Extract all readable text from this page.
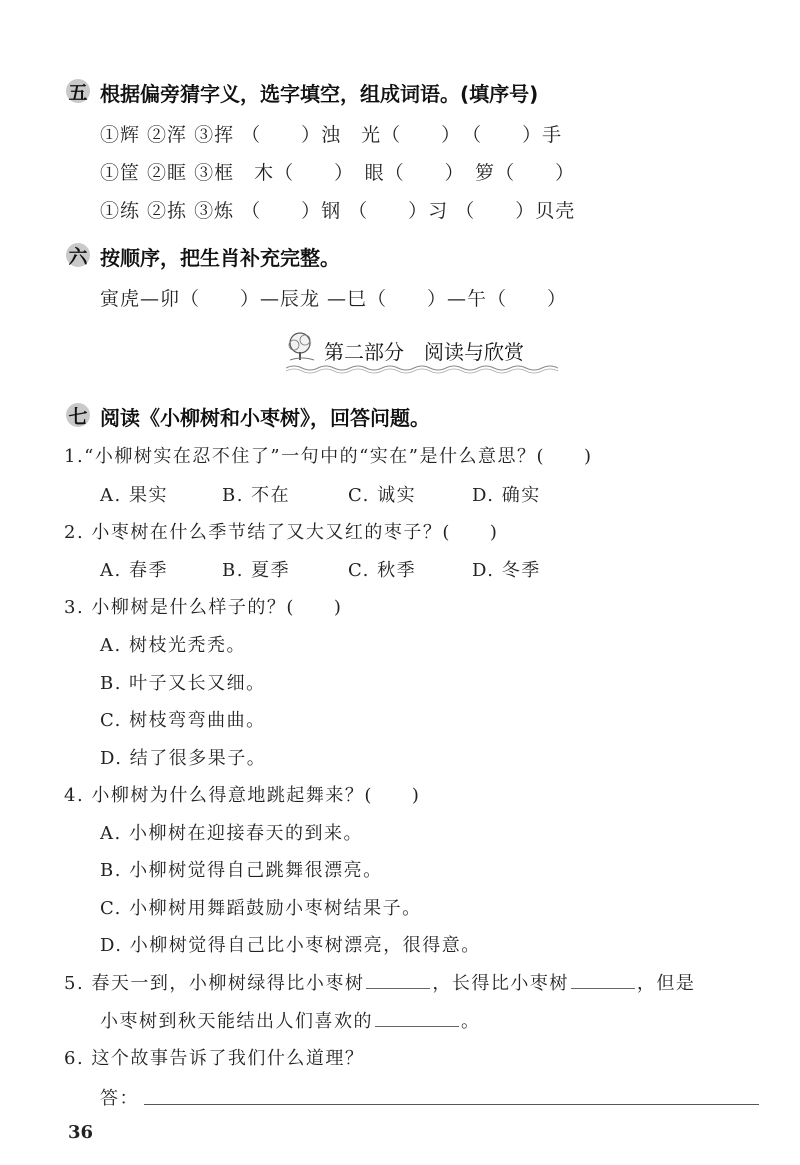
五 根据偏旁猜字义，选字填空，组成词语。(填序号)
①辉 ②浑 ③挥 （　　）浊　光（　　）　（　　）手
①筐 ②眶 ③框　木（　　）　眼（　　）　箩（　　）
①练 ②拣 ③炼 （　　）钢 （　　）习 （　　）贝壳
六 按顺序，把生肖补充完整。
寅虎—卯（　　）—辰龙 —巳（　　）—午（　　）
第二部分　阅读与欣赏
七 阅读《小柳树和小枣树》，回答问题。
1.“小柳树实在忍不住了”一句中的“实在”是什么意思？(　　)
A. 果实	B. 不在	C. 诚实	D. 确实
2. 小枣树在什么季节结了又大又红的枣子？(　　)
A. 春季	B. 夏季	C. 秋季	D. 冬季
3. 小柳树是什么样子的？(　　)
A. 树枝光秃秃。
B. 叶子又长又细。
C. 树枝弯弯曲曲。
D. 结了很多果子。
4. 小柳树为什么得意地跳起舞来？(　　)
A. 小柳树在迎接春天的到来。
B. 小柳树觉得自己跳舞很漂亮。
C. 小柳树用舞蹈鼓励小枣树结果子。
D. 小柳树觉得自己比小枣树漂亮，很得意。
5. 春天一到，小柳树绿得比小枣树	，长得比小枣树	，但是
小枣树到秋天能结出人们喜欢的	。
6. 这个故事告诉了我们什么道理？
答：
36
